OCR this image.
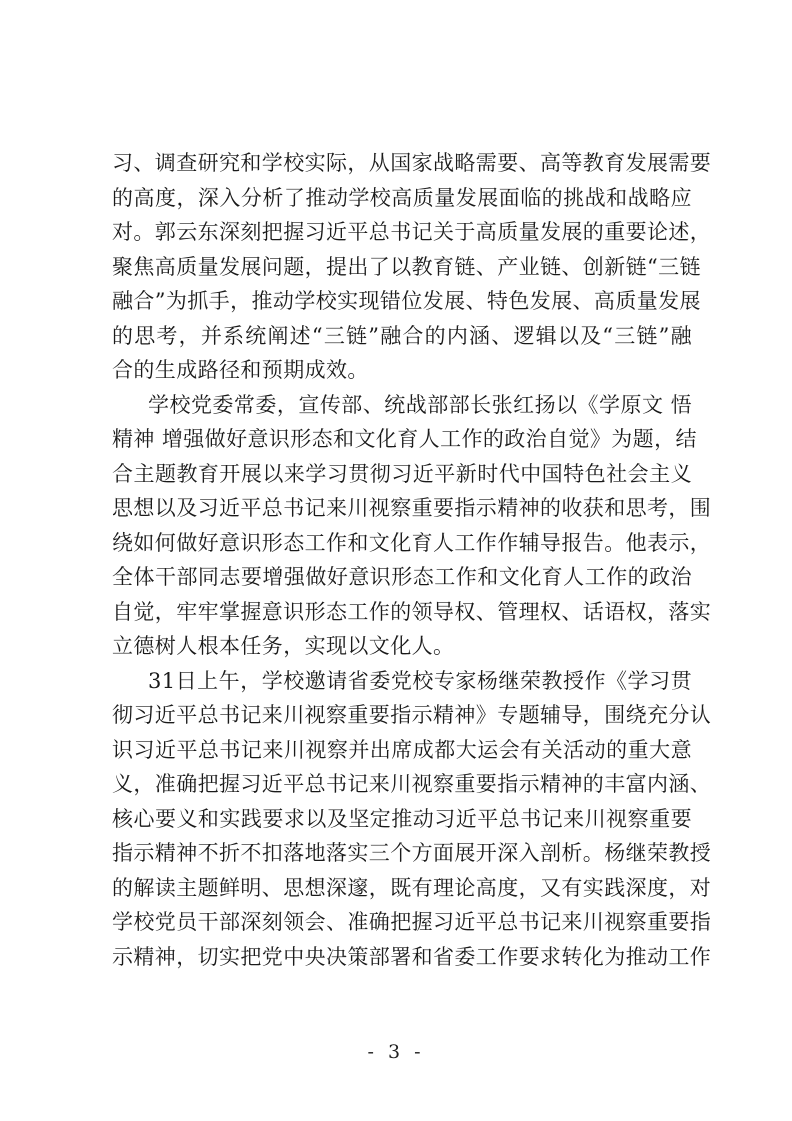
习、调查研究和学校实际，从国家战略需要、高等教育发展需要
的高度，深入分析了推动学校高质量发展面临的挑战和战略应
对。郭云东深刻把握习近平总书记关于高质量发展的重要论述，
聚焦高质量发展问题，提出了以教育链、产业链、创新链“三链
融合”为抓手，推动学校实现错位发展、特色发展、高质量发展
的思考，并系统阐述“三链”融合的内涵、逻辑以及“三链”融
合的生成路径和预期成效。
学校党委常委，宣传部、统战部部长张红扬以《学原文 悟
精神 增强做好意识形态和文化育人工作的政治自觉》为题，结
合主题教育开展以来学习贯彻习近平新时代中国特色社会主义
思想以及习近平总书记来川视察重要指示精神的收获和思考，围
绕如何做好意识形态工作和文化育人工作作辅导报告。他表示，
全体干部同志要增强做好意识形态工作和文化育人工作的政治
自觉，牢牢掌握意识形态工作的领导权、管理权、话语权，落实
立德树人根本任务，实现以文化人。
31日上午，学校邀请省委党校专家杨继荣教授作《学习贯
彻习近平总书记来川视察重要指示精神》专题辅导，围绕充分认
识习近平总书记来川视察并出席成都大运会有关活动的重大意
义，准确把握习近平总书记来川视察重要指示精神的丰富内涵、
核心要义和实践要求以及坚定推动习近平总书记来川视察重要
指示精神不折不扣落地落实三个方面展开深入剖析。杨继荣教授
的解读主题鲜明、思想深邃，既有理论高度，又有实践深度，对
学校党员干部深刻领会、准确把握习近平总书记来川视察重要指
示精神，切实把党中央决策部署和省委工作要求转化为推动工作
- 3 -
